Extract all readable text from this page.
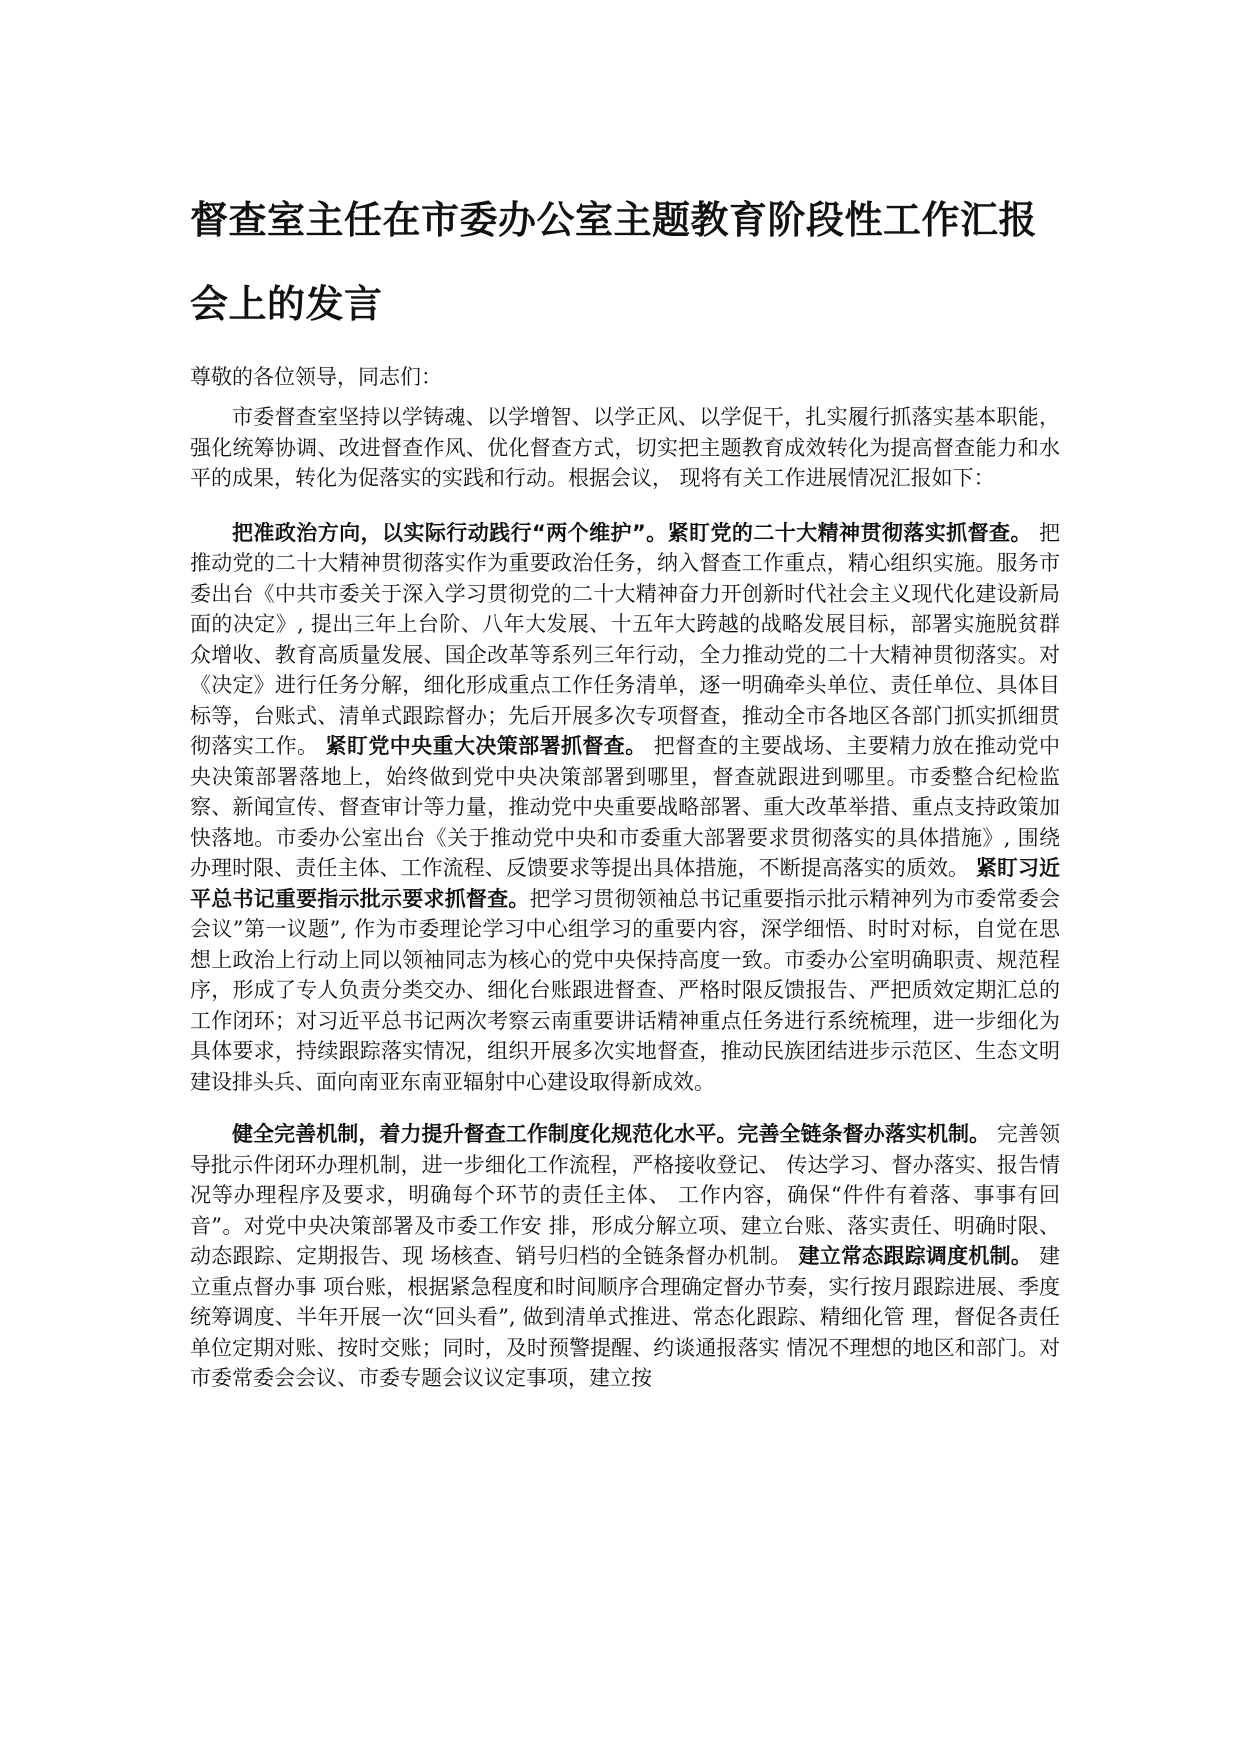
督查室主任在市委办公室主题教育阶段性工作汇报
会上的发言

尊敬的各位领导，同志们：

市委督查室坚持以学铸魂、以学增智、以学正风、以学促干，扎实履行抓落实基本职能，强化统筹协调、改进督查作风、优化督查方式，切实把主题教育成效转化为提高督查能力和水平的成果，转化为促落实的实践和行动。根据会议， 现将有关工作进展情况汇报如下：

把准政治方向，以实际行动践行“两个维护”。紧盯党的二十大精神贯彻落实抓督查。 把推动党的二十大精神贯彻落实作为重要政治任务，纳入督查工作重点，精心组织实施。服务市委出台《中共市委关于深入学习贯彻党的二十大精神奋力开创新时代社会主义现代化建设新局面的决定》, 提出三年上台阶、八年大发展、十五年大跨越的战略发展目标，部署实施脱贫群众增收、教育高质量发展、国企改革等系列三年行动，全力推动党的二十大精神贯彻落实。对《决定》进行任务分解，细化形成重点工作任务清单，逐一明确牵头单位、责任单位、具体目标等，台账式、清单式跟踪督办；先后开展多次专项督查，推动全市各地区各部门抓实抓细贯彻落实工作。 紧盯党中央重大决策部署抓督查。 把督查的主要战场、主要精力放在推动党中央决策部署落地上，始终做到党中央决策部署到哪里，督查就跟进到哪里。市委整合纪检监察、新闻宣传、督查审计等力量，推动党中央重要战略部署、重大改革举措、重点支持政策加快落地。市委办公室出台《关于推动党中央和市委重大部署要求贯彻落实的具体措施》, 围绕办理时限、责任主体、工作流程、反馈要求等提出具体措施，不断提高落实的质效。 紧盯习近平总书记重要指示批示要求抓督查。把学习贯彻领袖总书记重要指示批示精神列为市委常委会会议”第一议题”, 作为市委理论学习中心组学习的重要内容，深学细悟、时时对标，自觉在思想上政治上行动上同以领袖同志为核心的党中央保持高度一致。市委办公室明确职责、规范程序，形成了专人负责分类交办、细化台账跟进督查、严格时限反馈报告、严把质效定期汇总的工作闭环；对习近平总书记两次考察云南重要讲话精神重点任务进行系统梳理，进一步细化为具体要求，持续跟踪落实情况，组织开展多次实地督查，推动民族团结进步示范区、生态文明建设排头兵、面向南亚东南亚辐射中心建设取得新成效。

健全完善机制，着力提升督查工作制度化规范化水平。完善全链条督办落实机制。 完善领导批示件闭环办理机制，进一步细化工作流程，严格接收登记、 传达学习、督办落实、报告情况等办理程序及要求，明确每个环节的责任主体、 工作内容，确保“件件有着落、事事有回音”。对党中央决策部署及市委工作安 排，形成分解立项、建立台账、落实责任、明确时限、动态跟踪、定期报告、现 场核查、销号归档的全链条督办机制。 建立常态跟踪调度机制。 建立重点督办事 项台账，根据紧急程度和时间顺序合理确定督办节奏，实行按月跟踪进展、季度 统筹调度、半年开展一次“回头看”, 做到清单式推进、常态化跟踪、精细化管 理，督促各责任单位定期对账、按时交账；同时，及时预警提醒、约谈通报落实 情况不理想的地区和部门。对市委常委会会议、市委专题会议议定事项，建立按
